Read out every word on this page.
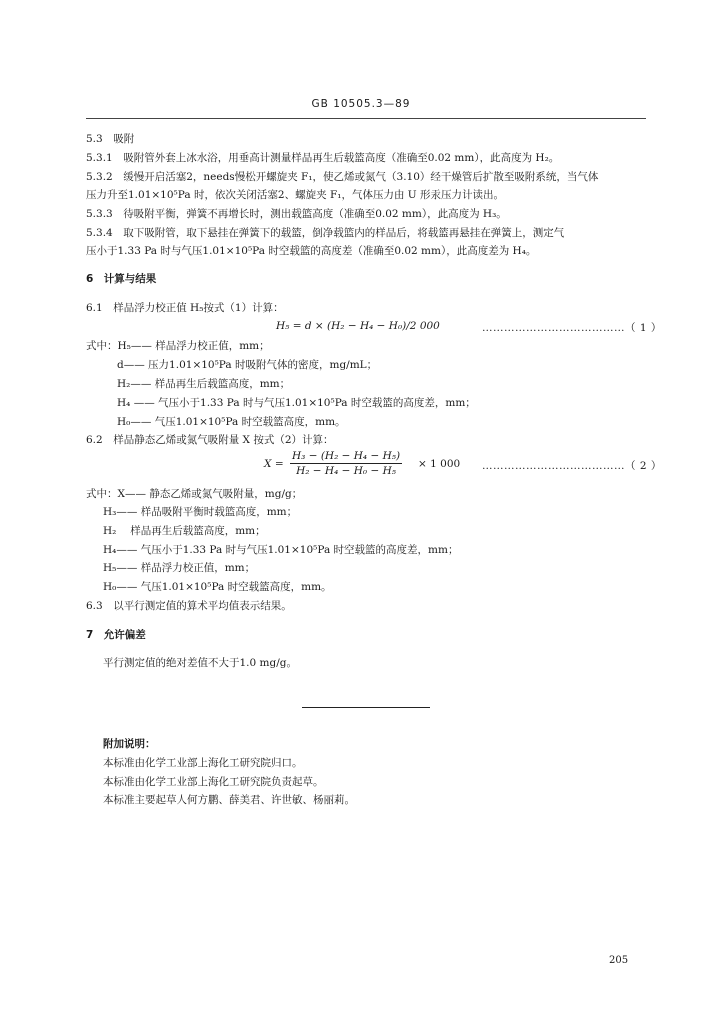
GB 10505.3—89
5.3　吸附
5.3.1　吸附管外套上冰水浴，用垂高计测量样品再生后载篮高度（准确至0.02 mm），此高度为 H₂。
5.3.2　缓慢开启活塞2，needs慢松开螺旋夹 F₁，使乙烯或氮气（3.10）经干燥管后扩散至吸附系统，当气体
压力升至1.01×10⁵Pa 时，依次关闭活塞2、螺旋夹 F₁，气体压力由 U 形汞压力计读出。
5.3.3　待吸附平衡，弹簧不再增长时，测出载篮高度（准确至0.02 mm），此高度为 H₃。
5.3.4　取下吸附管，取下悬挂在弹簧下的载篮，倒净载篮内的样品后，将载篮再悬挂在弹簧上，测定气
压小于1.33 Pa 时与气压1.01×10⁵Pa 时空载篮的高度差（准确至0.02 mm），此高度差为 H₄。
6　计算与结果
6.1　样品浮力校正值 H₅按式（1）计算：
H₅ = d × (H₂ − H₄ − H₀)/2 000	…………………………………（ 1 ）
式中：H₅—— 样品浮力校正值，mm；
d—— 压力1.01×10⁵Pa 时吸附气体的密度，mg/mL；
H₂—— 样品再生后载篮高度，mm；
H₄ —— 气压小于1.33 Pa 时与气压1.01×10⁵Pa 时空载篮的高度差，mm；
H₀—— 气压1.01×10⁵Pa 时空载篮高度，mm。
6.2　样品静态乙烯或氮气吸附量 X 按式（2）计算：
$X = \frac{\text{H₃ − (H₂ − H₄ − H₅)}}{\text{H₂ − H₄ − H₀ − H₅}} \times 1$ 000 …………………………………（ 2 ）
式中：X—— 静态乙烯或氮气吸附量，mg/g；
H₃—— 样品吸附平衡时载篮高度，mm；
H₂　 样品再生后载篮高度，mm；
H₄—— 气压小于1.33 Pa 时与气压1.01×10⁵Pa 时空载篮的高度差，mm；
H₅—— 样品浮力校正值，mm；
H₀—— 气压1.01×10⁵Pa 时空载篮高度，mm。
6.3　以平行测定值的算术平均值表示结果。
7　允许偏差
平行测定值的绝对差值不大于1.0 mg/g。
附加说明：
本标准由化学工业部上海化工研究院归口。
本标准由化学工业部上海化工研究院负责起草。
本标准主要起草人何方鹏、薛美君、许世敏、杨丽莉。
205
